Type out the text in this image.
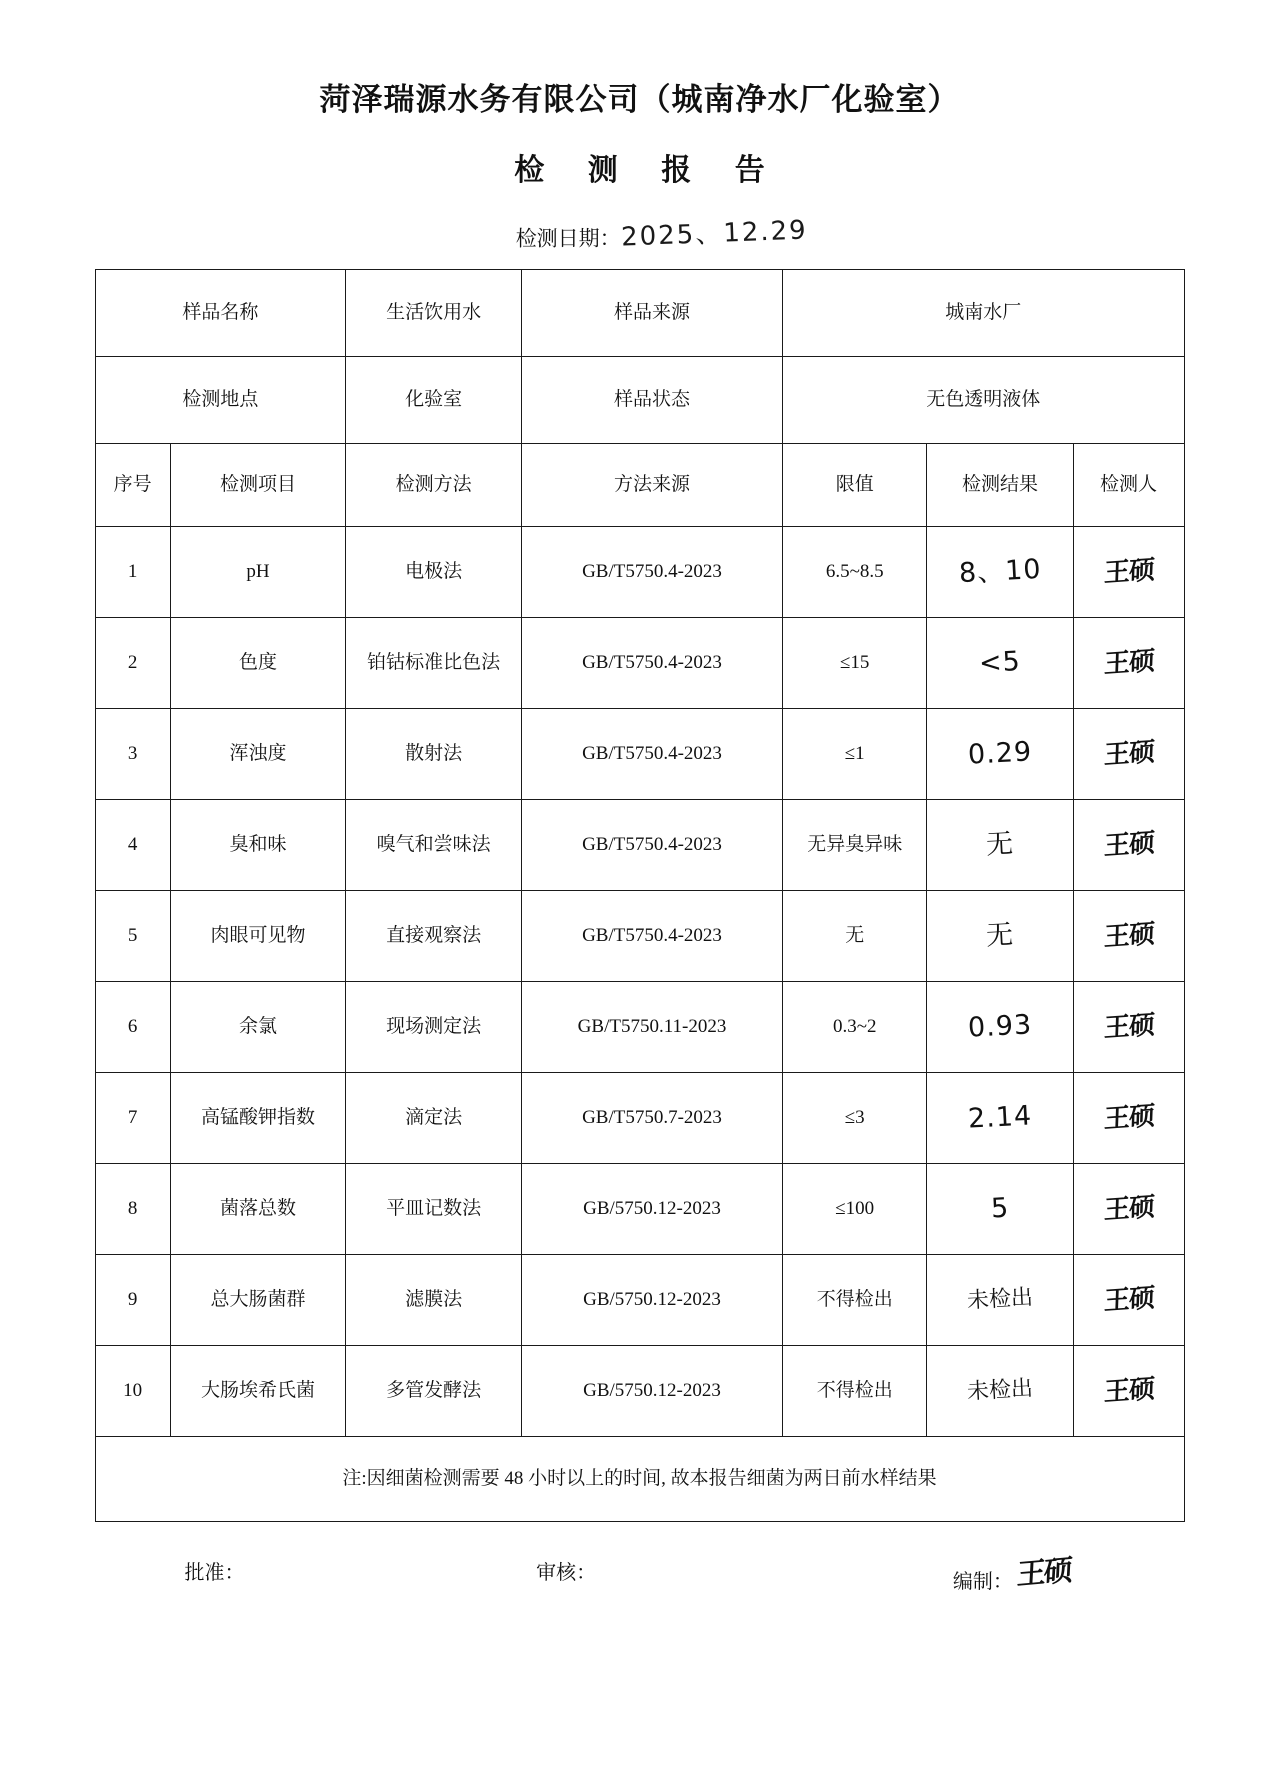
菏泽瑞源水务有限公司（城南净水厂化验室）
检 测 报 告
检测日期：2025、12.29
样品名称		生活饮用水	样品来源	城南水厂		
检测地点		化验室	样品状态	无色透明液体		
序号	检测项目	检测方法	方法来源	限值	检测结果	检测人
1	pH	电极法	GB/T5750.4-2023	6.5~8.5	8、10	王硕
2	色度	铂钴标准比色法	GB/T5750.4-2023	≤15	<5	王硕
3	浑浊度	散射法	GB/T5750.4-2023	≤1	0.29	王硕
4	臭和味	嗅气和尝味法	GB/T5750.4-2023	无异臭异味	无	王硕
5	肉眼可见物	直接观察法	GB/T5750.4-2023	无	无	王硕
6	余氯	现场测定法	GB/T5750.11-2023	0.3~2	0.93	王硕
7	高锰酸钾指数	滴定法	GB/T5750.7-2023	≤3	2.14	王硕
8	菌落总数	平皿记数法	GB/5750.12-2023	≤100	5	王硕
9	总大肠菌群	滤膜法	GB/5750.12-2023	不得检出	未检出	王硕
10	大肠埃希氏菌	多管发酵法	GB/5750.12-2023	不得检出	未检出	王硕
注:因细菌检测需要 48 小时以上的时间, 故本报告细菌为两日前水样结果						
批准：	审核：	编制： 王硕
